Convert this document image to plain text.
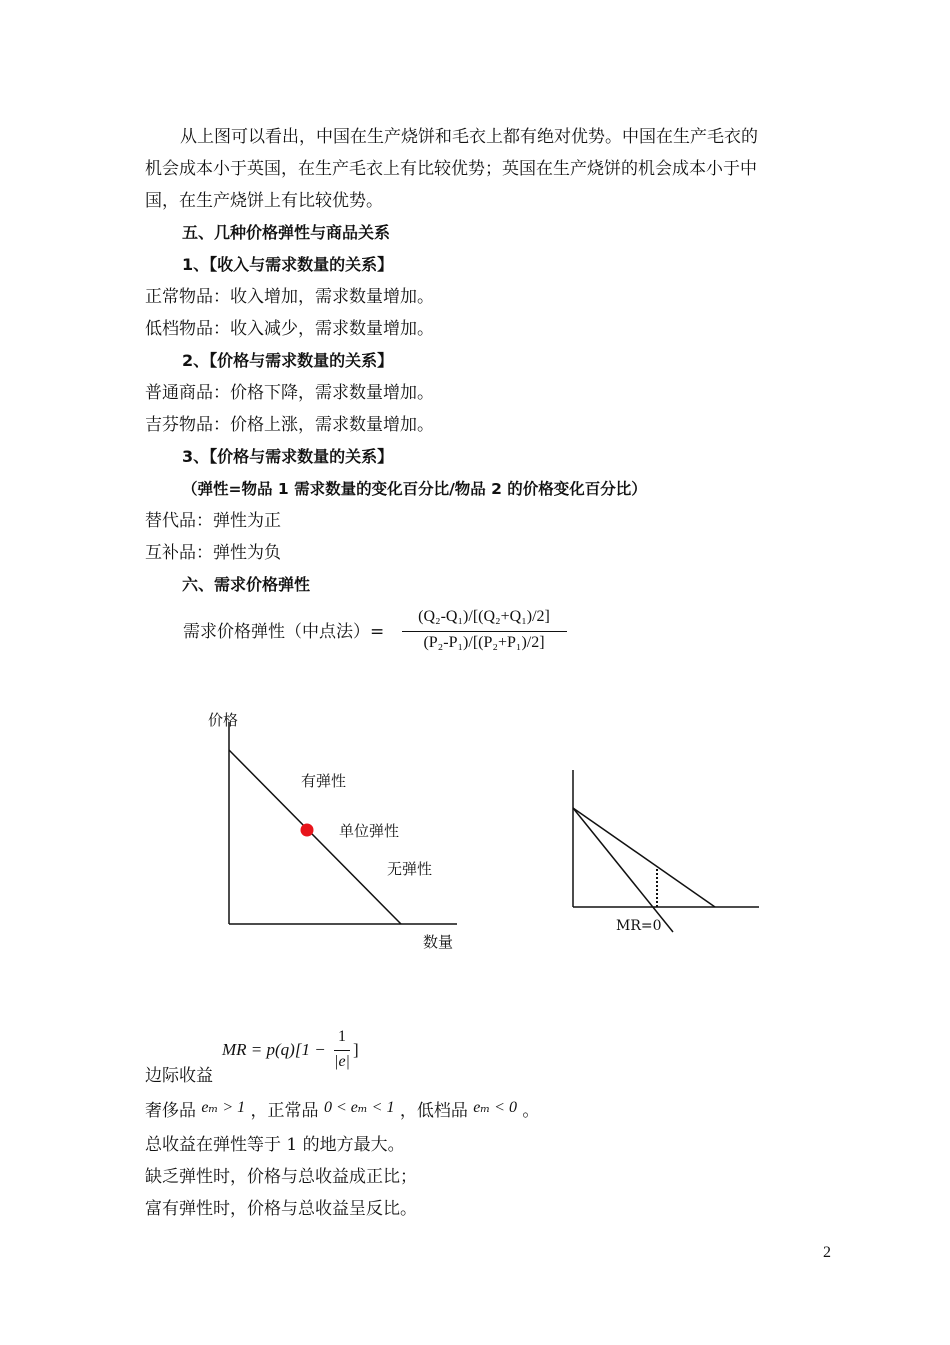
从上图可以看出，中国在生产烧饼和毛衣上都有绝对优势。中国在生产毛衣的
机会成本小于英国，在生产毛衣上有比较优势；英国在生产烧饼的机会成本小于中
国，在生产烧饼上有比较优势。
五、几种价格弹性与商品关系
1、【收入与需求数量的关系】
正常物品：收入增加，需求数量增加。
低档物品：收入减少，需求数量增加。
2、【价格与需求数量的关系】
普通商品：价格下降，需求数量增加。
吉芬物品：价格上涨，需求数量增加。
3、【价格与需求数量的关系】
（弹性=物品 1 需求数量的变化百分比/物品 2 的价格变化百分比）
替代品：弹性为正
互补品：弹性为负
六、需求价格弹性
需求价格弹性（中点法）=
(Q₂-Q₁)/[(Q₂+Q₁)/2]
(P₂-P₁)/[(P₂+P₁)/2]
价格
数量
有弹性
单位弹性
无弹性
MR=0
MR = p(q)[1 −
1
|e|
]
边际收益
奢侈品 eₘ > 1 ，正常品 0 < eₘ < 1 ，低档品 eₘ < 0 。
总收益在弹性等于 1 的地方最大。
缺乏弹性时，价格与总收益成正比；
富有弹性时，价格与总收益呈反比。
2
